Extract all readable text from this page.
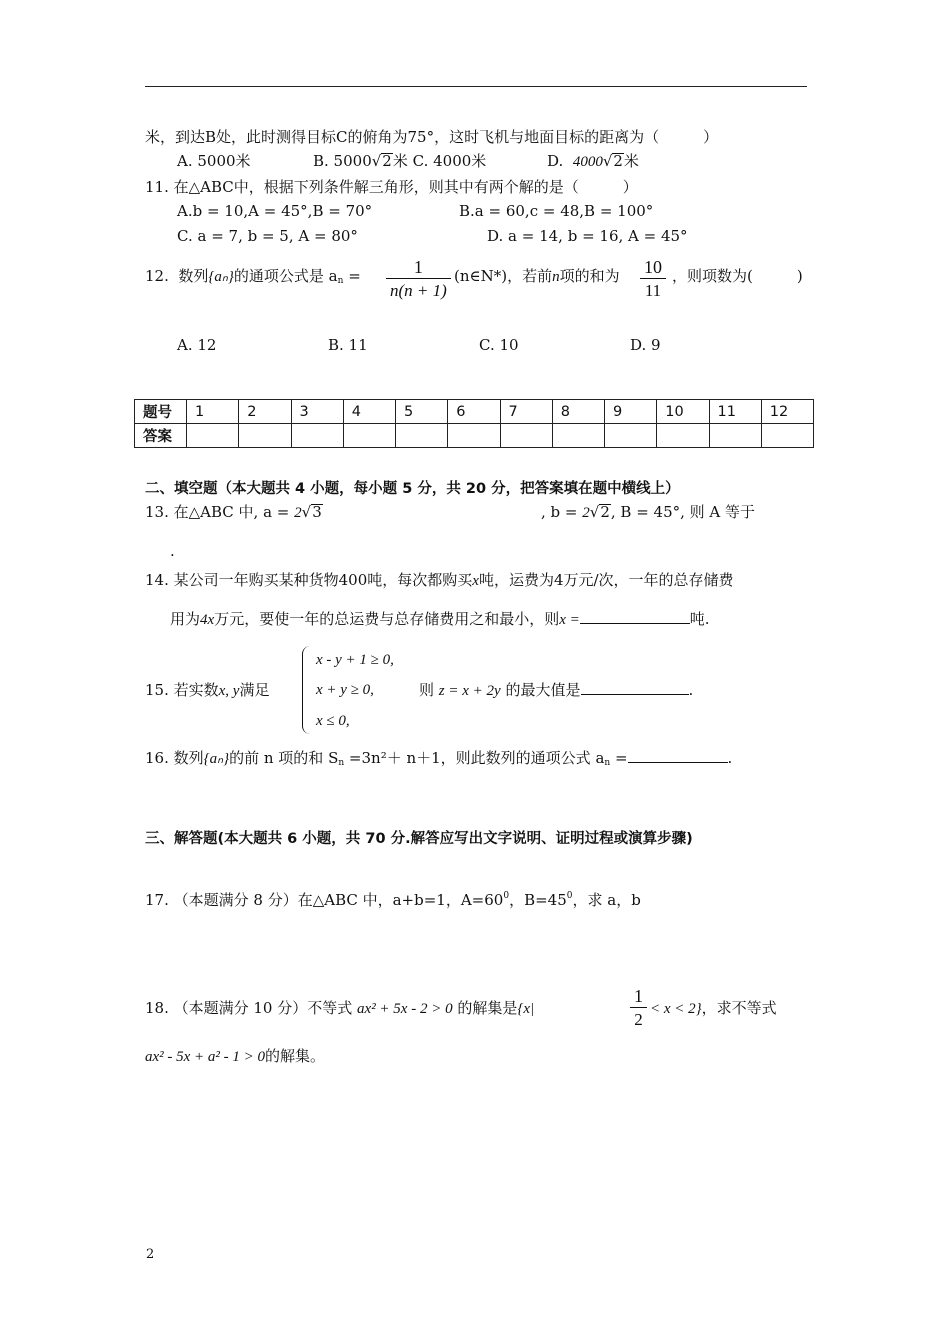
米，到达B处，此时测得目标C的俯角为75°，这时飞机与地面目标的距离为（	）
A. 5000米	B. 5000√2米 C. 4000米	D. 4000√2米
11. 在△ABC中，根据下列条件解三角形，则其中有两个解的是（	）
A.b = 10,A = 45°,B = 70°	B.a = 60,c = 48,B = 100°
C. a = 7, b = 5, A = 80°	D. a = 14, b = 16, A = 45°
12. 数列{aₙ}的通项公式是 $a_n = \frac{1}{n(n + 1)}$ (n∈N*)，若前n项的和为 $\frac{10}{11}$ ，则项数为(	)
A. 12	B. 11	C. 10	D. 9
题号	1	2	3	4	5	6	7	8	9	10	11	12
答案												
二、填空题（本大题共 4 小题，每小题 5 分，共 20 分，把答案填在题中横线上）
13. 在△ABC 中, a = 2√3	, b = 2√2, B = 45°, 则 A 等于
.
14. 某公司一年购买某种货物400吨，每次都购买x吨，运费为4万元/次，一年的总存储费
用为4x万元，要使一年的总运费与总存储费用之和最小，则x =	吨.
15. 若实数x, y满足
x - y + 1 ≥ 0,
x + y ≥ 0,
x ≤ 0,
则 z = x + 2y 的最大值是	.
16. 数列{aₙ}的前 n 项的和 $S_n =3n^2+ n+1$，则此数列的通项公式 $a_n$ =	.
三、解答题(本大题共 6 小题，共 70 分.解答应写出文字说明、证明过程或演算步骤)
17. （本题满分 8 分）在△ABC 中，a+b=1，$A=60^0$，$B=45^0$，求 a，b
18. （本题满分 10 分）不等式 ax² + 5x - 2 > 0 的解集是{x|	$\frac{1}{2} < x < 2$}，求不等式
ax² - 5x + a² - 1 > 0的解集。
2
